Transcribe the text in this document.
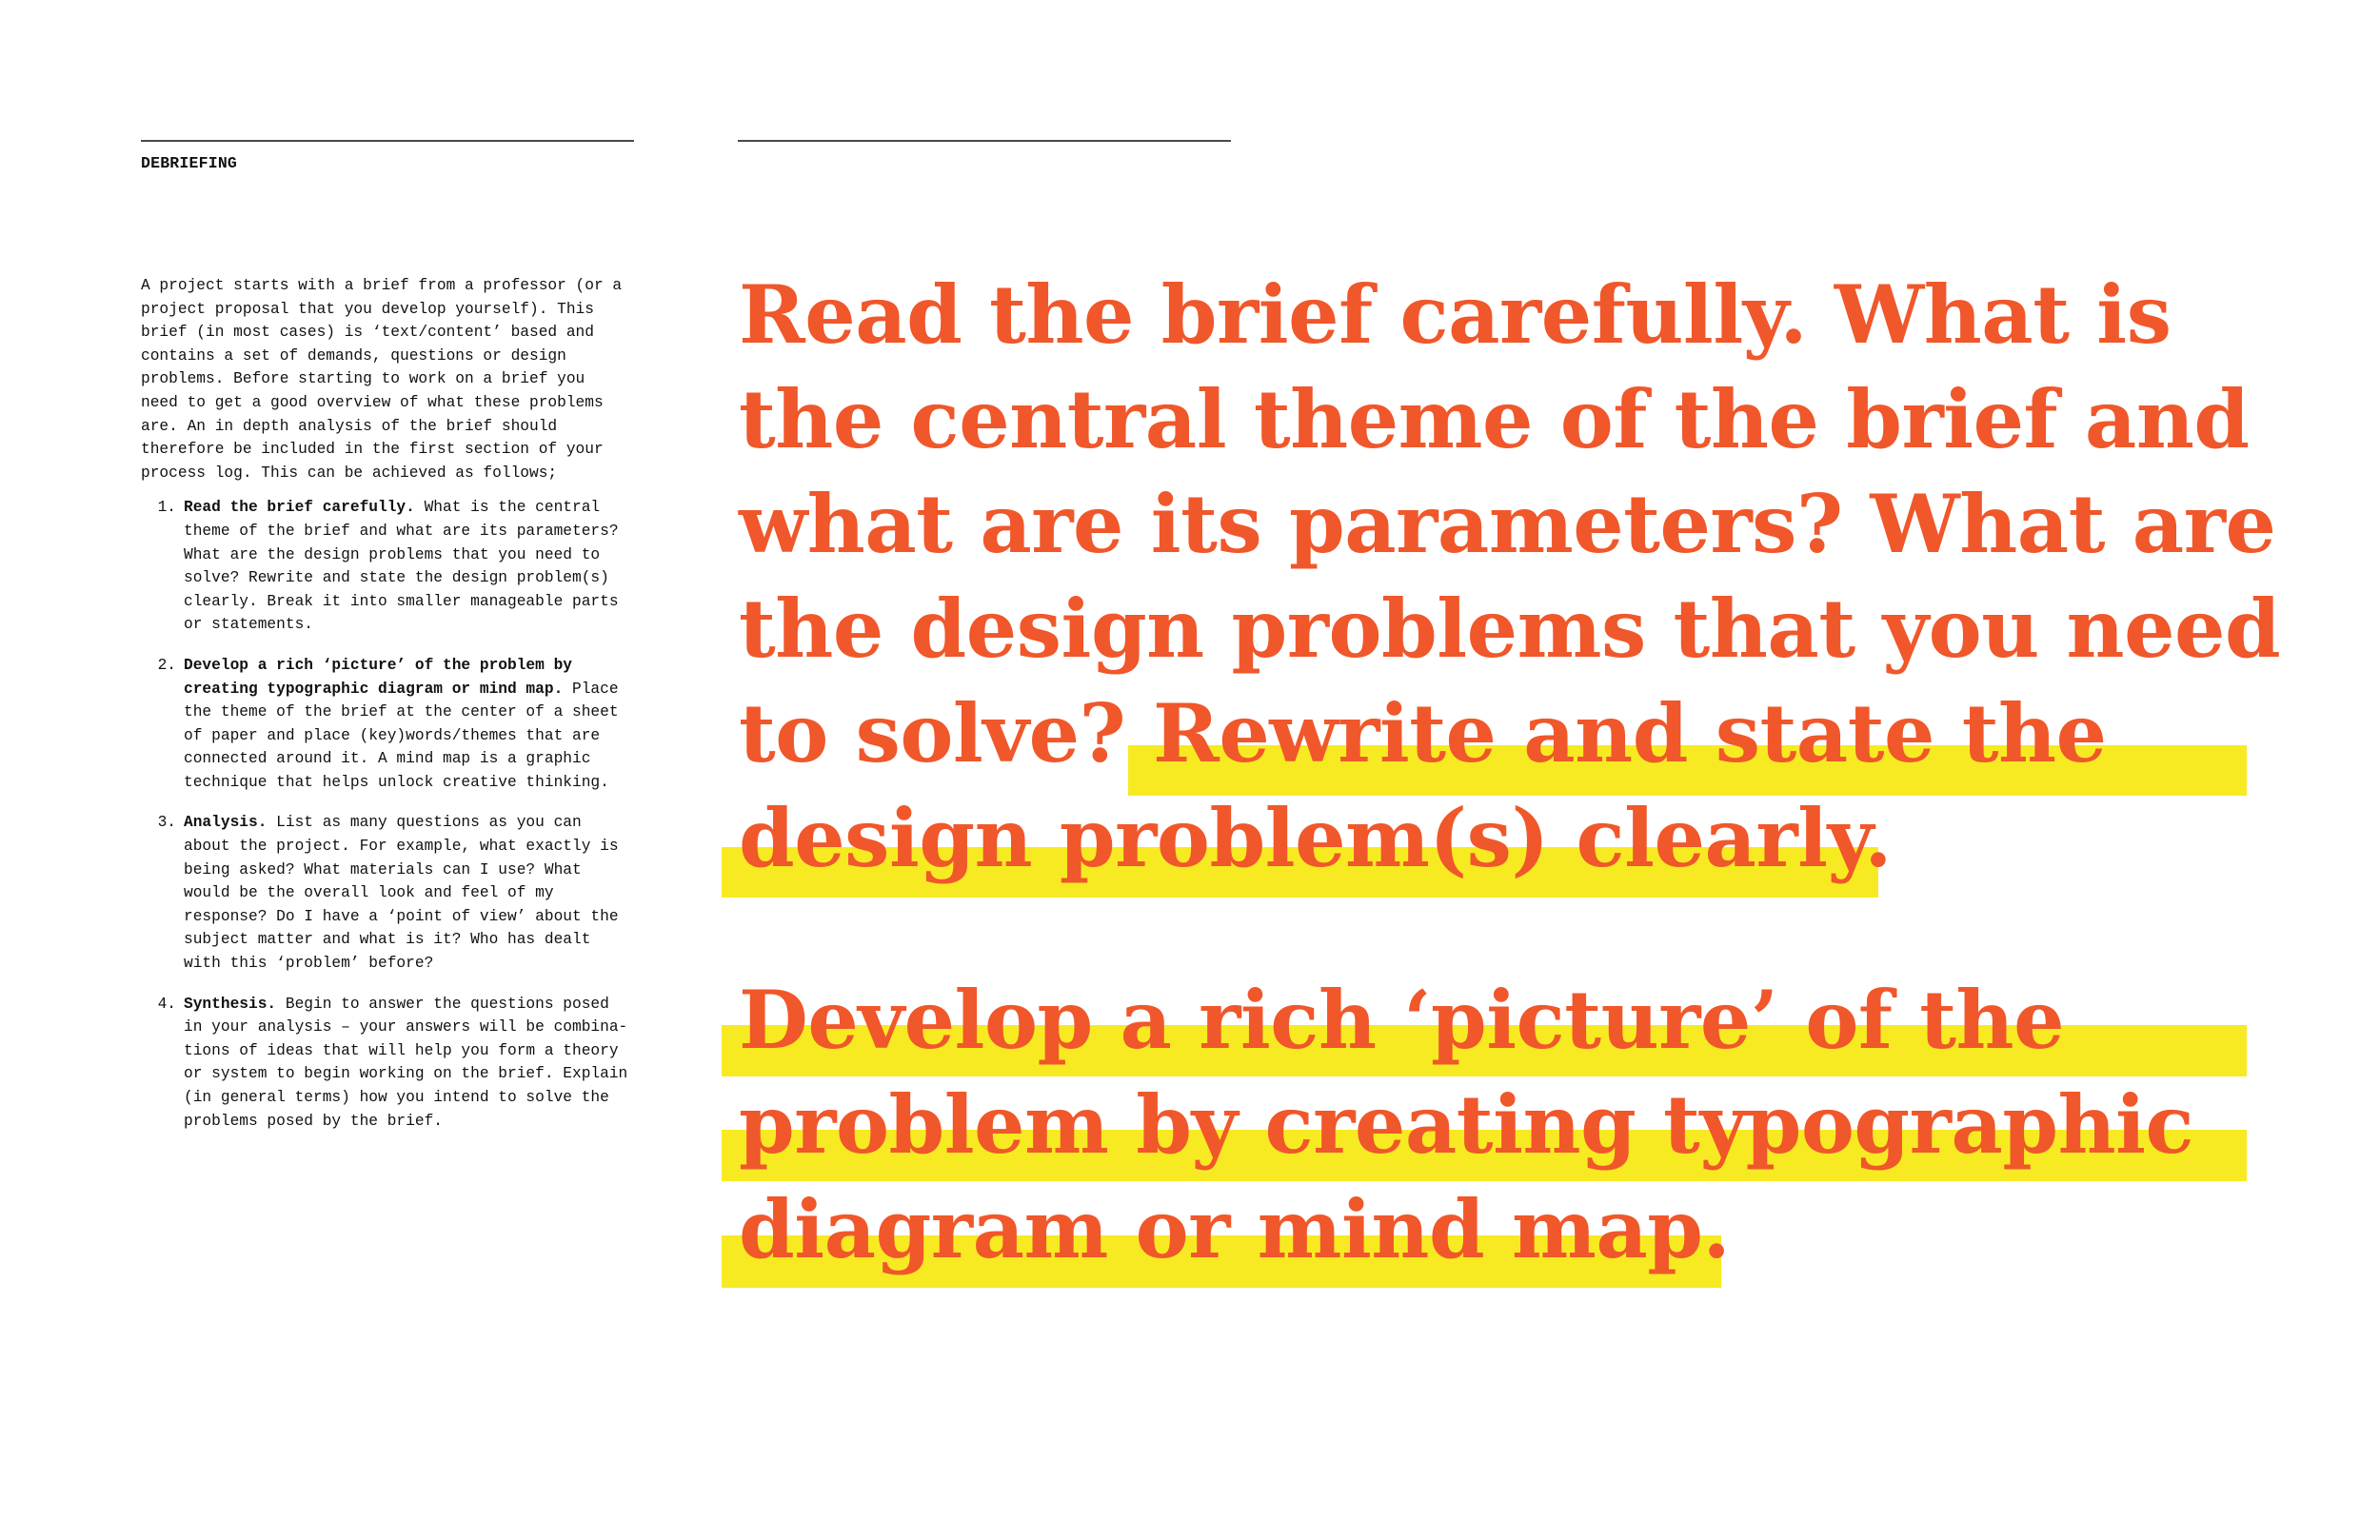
DEBRIEFING

A project starts with a brief from a professor (or a
project proposal that you develop yourself). This
brief (in most cases) is ‘text/content’ based and
contains a set of demands, questions or design
problems. Before starting to work on a brief you
need to get a good overview of what these problems
are. An in depth analysis of the brief should
therefore be included in the first section of your
process log. This can be achieved as follows;

1 .	Read the brief carefully. What is the central
theme of the brief and what are its parameters?
What are the design problems that you need to
solve? Rewrite and state the design problem(s)
clearly. Break it into smaller manageable parts
or statements.
2 .	Develop a rich ‘picture’ of the problem by
creating typographic diagram or mind map. Place
the theme of the brief at the center of a sheet
of paper and place (key)words/themes that are
connected around it. A mind map is a graphic
technique that helps unlock creative thinking.
3 .	Analysis. List as many questions as you can
about the project. For example, what exactly is
being asked? What materials can I use? What
would be the overall look and feel of my
response? Do I have a ‘point of view’ about the
subject matter and what is it? Who has dealt
with this ‘problem’ before?
4 .	Synthesis. Begin to answer the questions posed
in your analysis – your answers will be combina-
tions of ideas that will help you form a theory
or system to begin working on the brief. Explain
(in general terms) how you intend to solve the
problems posed by the brief.
Read the brief carefully. What is
the central theme of the brief and
what are its parameters? What are
the design problems that you need
to solve? Rewrite and state the
design problem(s) clearly.
Develop a rich ‘picture’ of the
problem by creating typographic
diagram or mind map.
